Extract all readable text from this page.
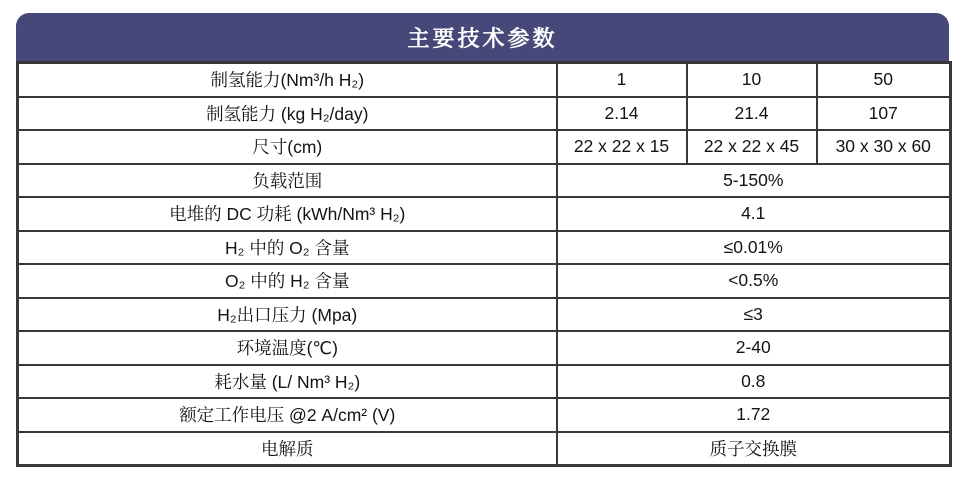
主要技术参数
制氢能力(Nm³/h H₂)	1	10	50
制氢能力 (kg H₂/day)	2.14	21.4	107
尺寸(cm)	22 x 22 x 15	22 x 22 x 45	30 x 30 x 60
负载范围	5-150%		
电堆的 DC 功耗 (kWh/Nm³ H₂)	4.1		
H₂ 中的 O₂ 含量	≤0.01%		
O₂ 中的 H₂ 含量	<0.5%		
H₂出口压力 (Mpa)	≤3		
环境温度(℃)	2-40		
耗水量 (L/ Nm³ H₂)	0.8		
额定工作电压 @2 A/cm² (V)	1.72		
电解质	质子交换膜		
